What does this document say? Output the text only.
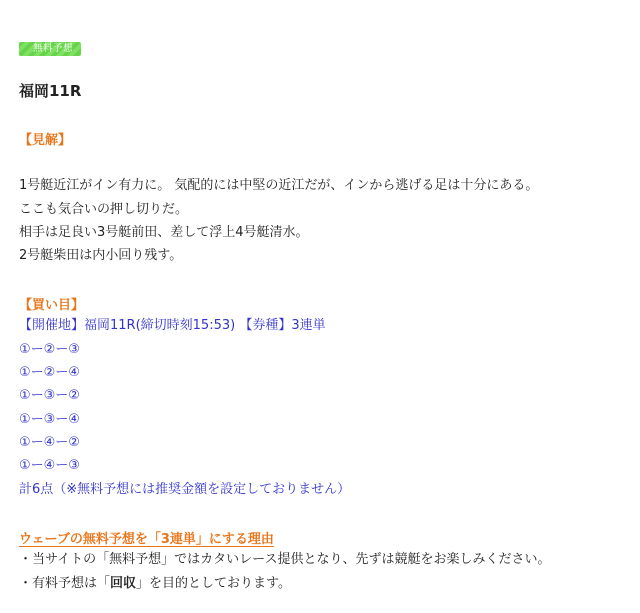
無料予想
福岡11R
【見解】
1号艇近江がイン有力に。 気配的には中堅の近江だが、インから逃げる足は十分にある。
ここも気合いの押し切りだ。
相手は足良い3号艇前田、差して浮上4号艇清水。
2号艇柴田は内小回り残す。
【買い目】
【開催地】福岡11R(締切時刻15:53) 【券種】3連単
①ー②ー③
①ー②ー④
①ー③ー②
①ー③ー④
①ー④ー②
①ー④ー③
計6点（※無料予想には推奨金額を設定しておりません）
ウェーブの無料予想を「3連単」にする理由
・当サイトの「無料予想」ではカタいレース提供となり、先ずは競艇をお楽しみください。
・有料予想は「回収」を目的としております。
